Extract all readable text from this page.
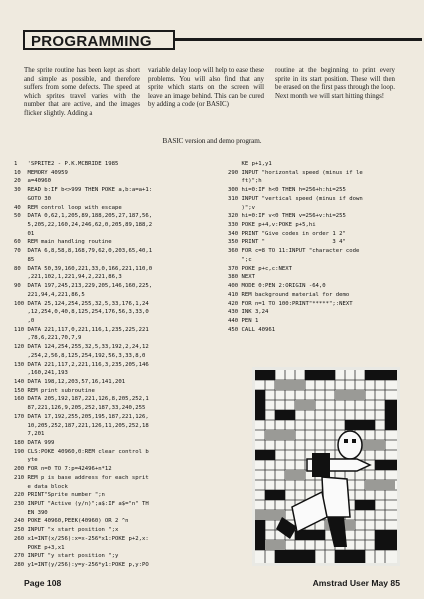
PROGRAMMING
The sprite routine has been kept as short and simple as possible, and therefore suffers from some defects. The speed at which sprites travel varies with the number that are active, and the images flicker slightly. Adding a
variable delay loop will help to ease these problems. You will also find that any sprite which starts on the screen will leave an image behind. This can be cured by adding a code (or BASIC)
routine at the beginning to print every sprite in its start position. These will then be erased on the first pass through the loop. Next month we will start hitting things!
BASIC version and demo program.
1   'SPRITE2 - P.K.MCBRIDE 1985
10  MEMORY 40959
20  a=40960
30  READ b:IF b<>999 THEN POKE a,b:a=a+1:
GOTO 30
40  REM control loop with escape
50  DATA 0,62,1,205,89,188,205,27,187,56,
5,205,22,160,24,246,62,0,205,89,188,2
01
60  REM main handling routine
70  DATA 6,8,58,8,168,79,62,0,203,65,40,1
85
80  DATA 50,39,160,221,33,0,166,221,110,0
,221,102,1,221,94,2,221,86,3
90  DATA 197,245,213,229,205,146,160,225,
221,94,4,221,86,5
100 DATA 25,124,254,255,32,5,33,176,1,24
,12,254,0,40,8,125,254,176,56,3,33,0
,0
110 DATA 221,117,0,221,116,1,235,225,221
,78,6,221,70,7,9
120 DATA 124,254,255,32,5,33,192,2,24,12
,254,2,56,8,125,254,192,56,3,33,8,0
130 DATA 221,117,2,221,116,3,235,205,146
,160,241,193
140 DATA 198,12,203,57,16,141,201
150 REM print subroutine
160 DATA 205,192,187,221,126,8,205,252,1
87,221,126,9,205,252,187,33,240,255
170 DATA 17,192,255,205,195,187,221,126,
10,205,252,187,221,126,11,205,252,18
7,201
180 DATA 999
190 CLS:POKE 40960,0:REM clear control b
yte
200 FOR n=0 TO 7:p=42496+n*12
210 REM p is base address for each sprit
e data block
220 PRINT"Sprite number ";n
230 INPUT "Active (y/n)";a$:IF a$="n" TH
EN 390
240 POKE 40960,PEEK(40960) OR 2 ^n
250 INPUT "x start position ";x
260 x1=INT(x/256):x=x-256*x1:POKE p+2,x:
POKE p+3,x1
270 INPUT "y start position ";y
280 y1=INT(y/256):y=y-256*y1:POKE p,y:PO
KE p+1,y1
290 INPUT "horizontal speed (minus if le
ft)";h
300 hi=0:IF h<0 THEN h=256+h:hi=255
310 INPUT "vertical speed (minus if down
)";v
320 hi=0:IF v<0 THEN v=256+v:hi=255
330 POKE p+4,v:POKE p+5,hi
340 PRINT "Give codes in order 1 2"
350 PRINT "                    3 4"
360 FOR c=8 TO 11:INPUT "character code
";c
370 POKE p+c,c:NEXT
380 NEXT
400 MODE 0:PEN 2:ORIGIN -64,0
410 REM background material for demo
420 FOR n=1 TO 100:PRINT"*****";:NEXT
430 INK 3,24
440 PEN 1
450 CALL 40961
Page 108	Amstrad User May 85
